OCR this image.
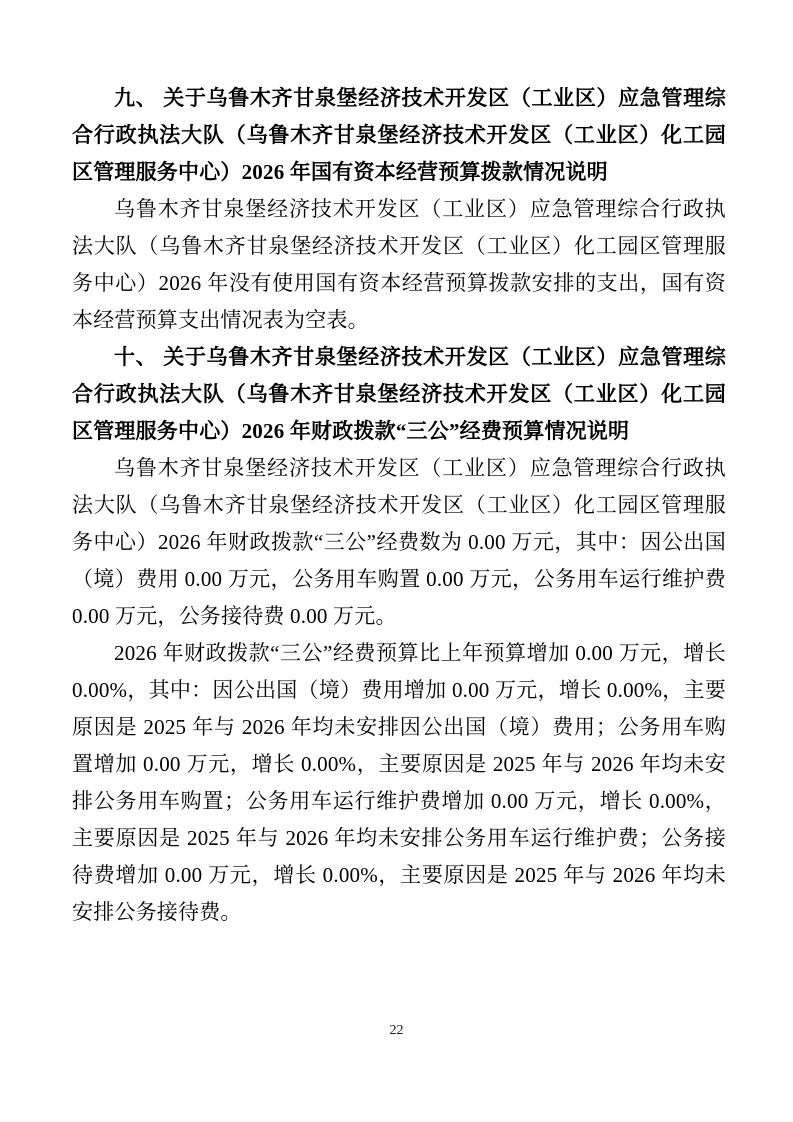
九、 关于乌鲁木齐甘泉堡经济技术开发区（工业区）应急管理综合行政执法大队（乌鲁木齐甘泉堡经济技术开发区（工业区）化工园区管理服务中心）2026 年国有资本经营预算拨款情况说明

乌鲁木齐甘泉堡经济技术开发区（工业区）应急管理综合行政执法大队（乌鲁木齐甘泉堡经济技术开发区（工业区）化工园区管理服务中心）2026 年没有使用国有资本经营预算拨款安排的支出，国有资本经营预算支出情况表为空表。

十、 关于乌鲁木齐甘泉堡经济技术开发区（工业区）应急管理综合行政执法大队（乌鲁木齐甘泉堡经济技术开发区（工业区）化工园区管理服务中心）2026 年财政拨款“三公”经费预算情况说明

乌鲁木齐甘泉堡经济技术开发区（工业区）应急管理综合行政执法大队（乌鲁木齐甘泉堡经济技术开发区（工业区）化工园区管理服务中心）2026 年财政拨款“三公”经费数为 0.00 万元，其中：因公出国（境）费用 0.00 万元，公务用车购置 0.00 万元，公务用车运行维护费 0.00 万元，公务接待费 0.00 万元。

2026 年财政拨款“三公”经费预算比上年预算增加 0.00 万元，增长 0.00%，其中：因公出国（境）费用增加 0.00 万元，增长 0.00%，主要原因是 2025 年与 2026 年均未安排因公出国（境）费用；公务用车购置增加 0.00 万元，增长 0.00%，主要原因是 2025 年与 2026 年均未安排公务用车购置；公务用车运行维护费增加 0.00 万元，增长 0.00%，主要原因是 2025 年与 2026 年均未安排公务用车运行维护费；公务接待费增加 0.00 万元，增长 0.00%，主要原因是 2025 年与 2026 年均未安排公务接待费。

22
